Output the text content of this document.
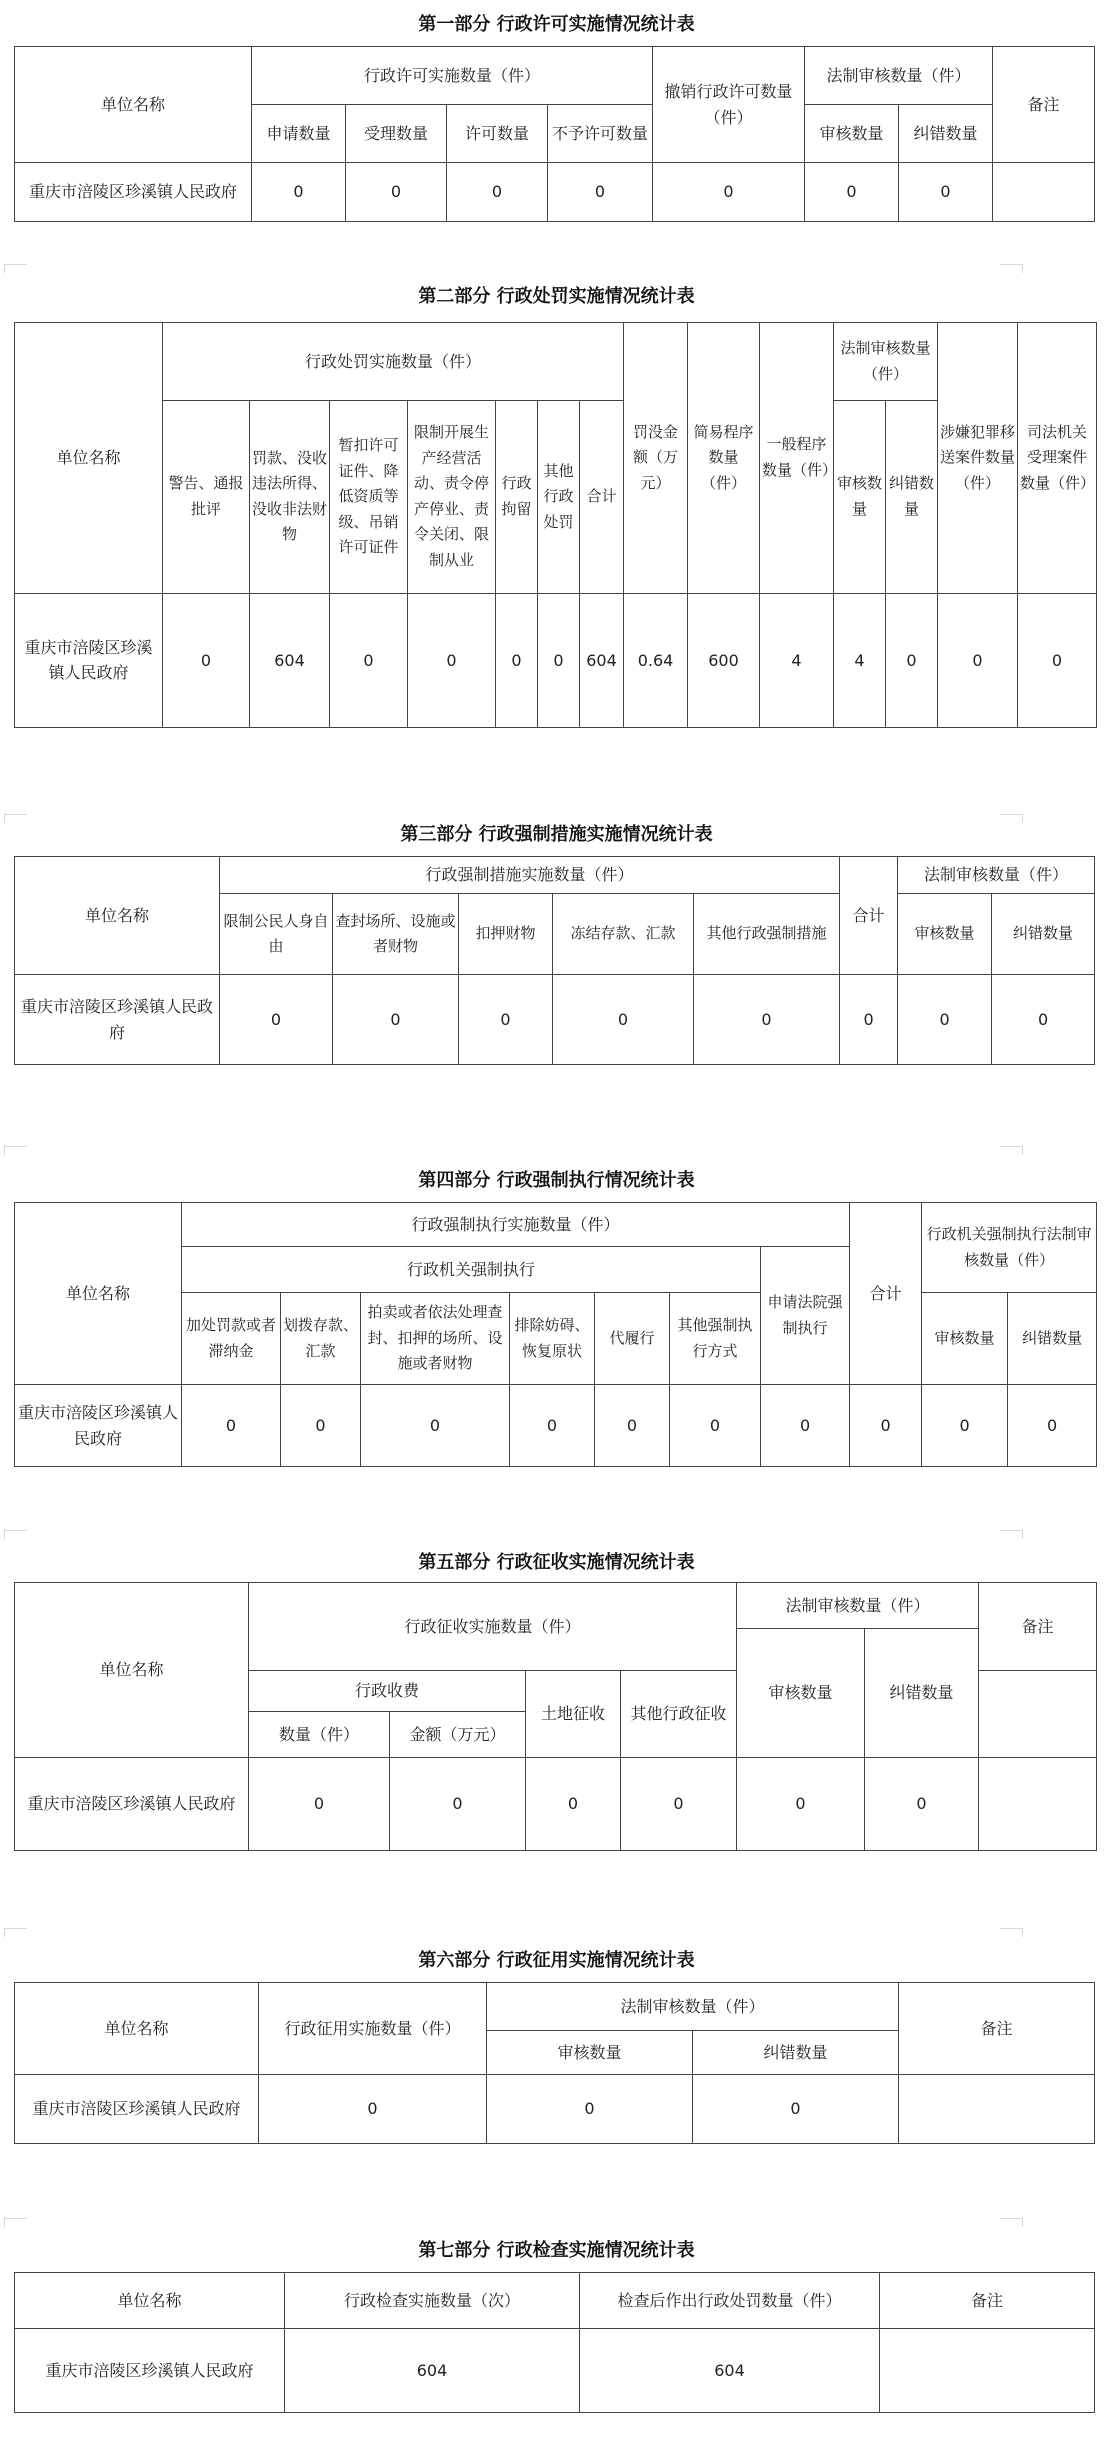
第一部分 行政许可实施情况统计表
单位名称	行政许可实施数量（件）				撤销行政许可数量（件）	法制审核数量（件）		备注
	申请数量	受理数量	许可数量	不予许可数量		审核数量	纠错数量	
重庆市涪陵区珍溪镇人民政府	0	0	0	0	0	0	0	
第二部分 行政处罚实施情况统计表
单位名称	行政处罚实施数量（件）							罚没金额（万元）	简易程序数量（件）	一般程序数量（件）	法制审核数量（件）		涉嫌犯罪移送案件数量（件）	司法机关受理案件数量（件）
	警告、通报批评	罚款、没收违法所得、没收非法财物	暂扣许可证件、降低资质等级、吊销许可证件	限制开展生产经营活动、责令停产停业、责令关闭、限制从业	行政拘留	其他行政处罚	合计				审核数量	纠错数量		
重庆市涪陵区珍溪镇人民政府	0	604	0	0	0	0	604	0.64	600	4	4	0	0	0
第三部分 行政强制措施实施情况统计表
单位名称	行政强制措施实施数量（件）					合计	法制审核数量（件）	
	限制公民人身自由	查封场所、设施或者财物	扣押财物	冻结存款、汇款	其他行政强制措施		审核数量	纠错数量
重庆市涪陵区珍溪镇人民政府	0	0	0	0	0	0	0	0
第四部分 行政强制执行情况统计表
单位名称	行政强制执行实施数量（件）							合计	行政机关强制执行法制审核数量（件）	
	行政机关强制执行						申请法院强制执行			
	加处罚款或者滞纳金	划拨存款、汇款	拍卖或者依法处理查封、扣押的场所、设施或者财物	排除妨碍、恢复原状	代履行	其他强制执行方式			审核数量	纠错数量
重庆市涪陵区珍溪镇人民政府	0	0	0	0	0	0	0	0	0	0
第五部分 行政征收实施情况统计表
单位名称	行政征收实施数量（件）				法制审核数量（件）		备注
					审核数量	纠错数量	
	行政收费		土地征收	其他行政征收			
	数量（件）	金额（万元）					
重庆市涪陵区珍溪镇人民政府	0	0	0	0	0	0	
第六部分 行政征用实施情况统计表
单位名称	行政征用实施数量（件）	法制审核数量（件）		备注
		审核数量	纠错数量	
重庆市涪陵区珍溪镇人民政府	0	0	0	
第七部分 行政检查实施情况统计表
单位名称	行政检查实施数量（次）	检查后作出行政处罚数量（件）	备注
重庆市涪陵区珍溪镇人民政府	604	604	
